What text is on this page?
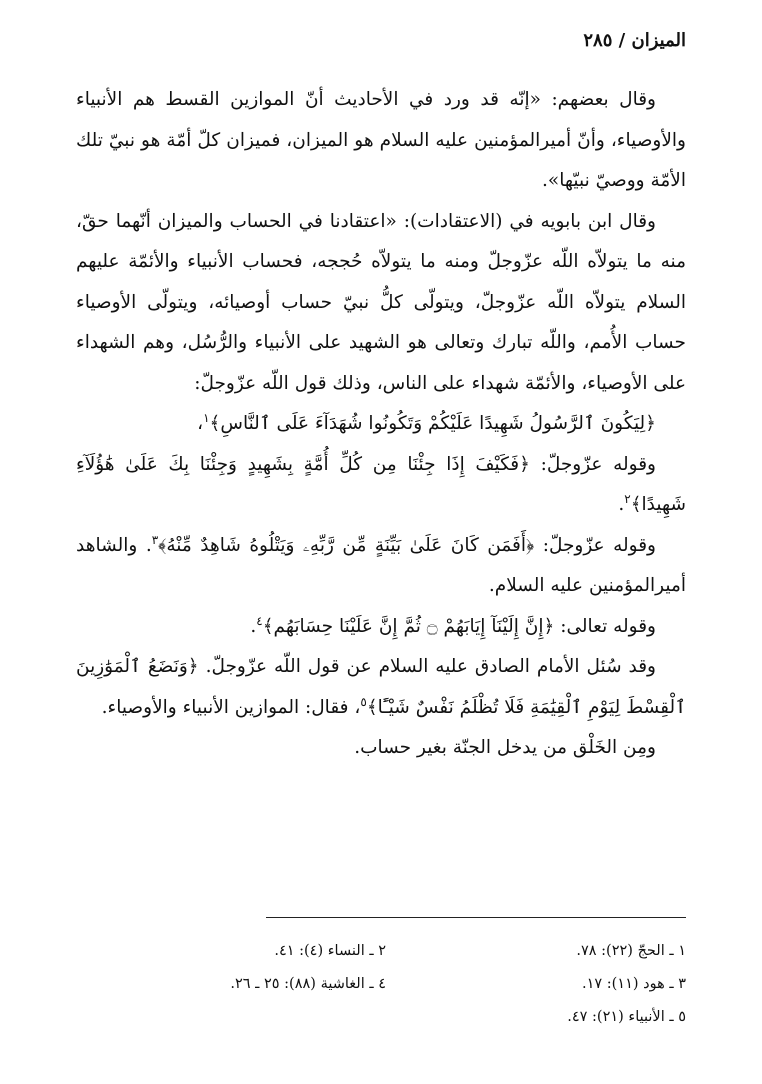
الميزان / ٢٨٥

وقال بعضهم: «إنّه قد ورد في الأحاديث أنّ الموازين القسط هم الأنبياء والأوصياء، وأنّ أميرالمؤمنين عليه السلام هو الميزان، فميزان كلّ أمّة هو نبيّ تلك الأمّة ووصيّ نبيّها».

وقال ابن بابويه في (الاعتقادات): «اعتقادنا في الحساب والميزان أنّهما حقّ، منه ما يتولاّه اللّه عزّوجلّ ومنه ما يتولاّه حُججه، فحساب الأنبياء والأئمّة عليهم السلام يتولاّه اللّه عزّوجلّ، ويتولّى كلُّ نبيّ حساب أوصيائه، ويتولّى الأوصياء حساب الأُمم، واللّه تبارك وتعالى هو الشهيد على الأنبياء والرُّسُل، وهم الشهداء على الأوصياء، والأئمّة شهداء على الناس، وذلك قول اللّه عزّوجلّ:

﴿لِيَكُونَ ٱلرَّسُولُ شَهِيدًا عَلَيْكُمْ وَتَكُونُوا شُهَدَآءَ عَلَى ٱلنَّاسِ﴾$^١$،

وقوله عزّوجلّ: ﴿فَكَيْفَ إِذَا جِئْنَا مِن كُلِّ أُمَّةٍ بِشَهِيدٍ وَجِئْنَا بِكَ عَلَىٰ هَٰؤُلَآءِ شَهِيدًا﴾$^٢$.

وقوله عزّوجلّ: ﴿أَفَمَن كَانَ عَلَىٰ بَيِّنَةٍ مِّن رَّبِّهِۦ وَيَتْلُوهُ شَاهِدٌ مِّنْهُ﴾$^٣$. والشاهد أميرالمؤمنين عليه السلام.

وقوله تعالى: ﴿إِنَّ إِلَيْنَآ إِيَابَهُمْ ۝ ثُمَّ إِنَّ عَلَيْنَا حِسَابَهُم﴾$^٤$.

وقد سُئل الأمام الصادق عليه السلام عن قول اللّه عزّوجلّ. ﴿وَنَضَعُ ٱلْمَوَٰزِينَ ٱلْقِسْطَ لِيَوْمِ ٱلْقِيَٰمَةِ فَلَا تُظْلَمُ نَفْسٌ شَيْـًٔا﴾$^٥$، فقال: الموازين الأنبياء والأوصياء.

ومِن الخَلْق من يدخل الجنّة بغير حساب.

١ ـ الحجّ (٢٢): ٧٨.
٢ ـ النساء (٤): ٤١.
٣ ـ هود (١١): ١٧.
٤ ـ الغاشية (٨٨): ٢٥ ـ ٢٦.
٥ ـ الأنبياء (٢١): ٤٧.
